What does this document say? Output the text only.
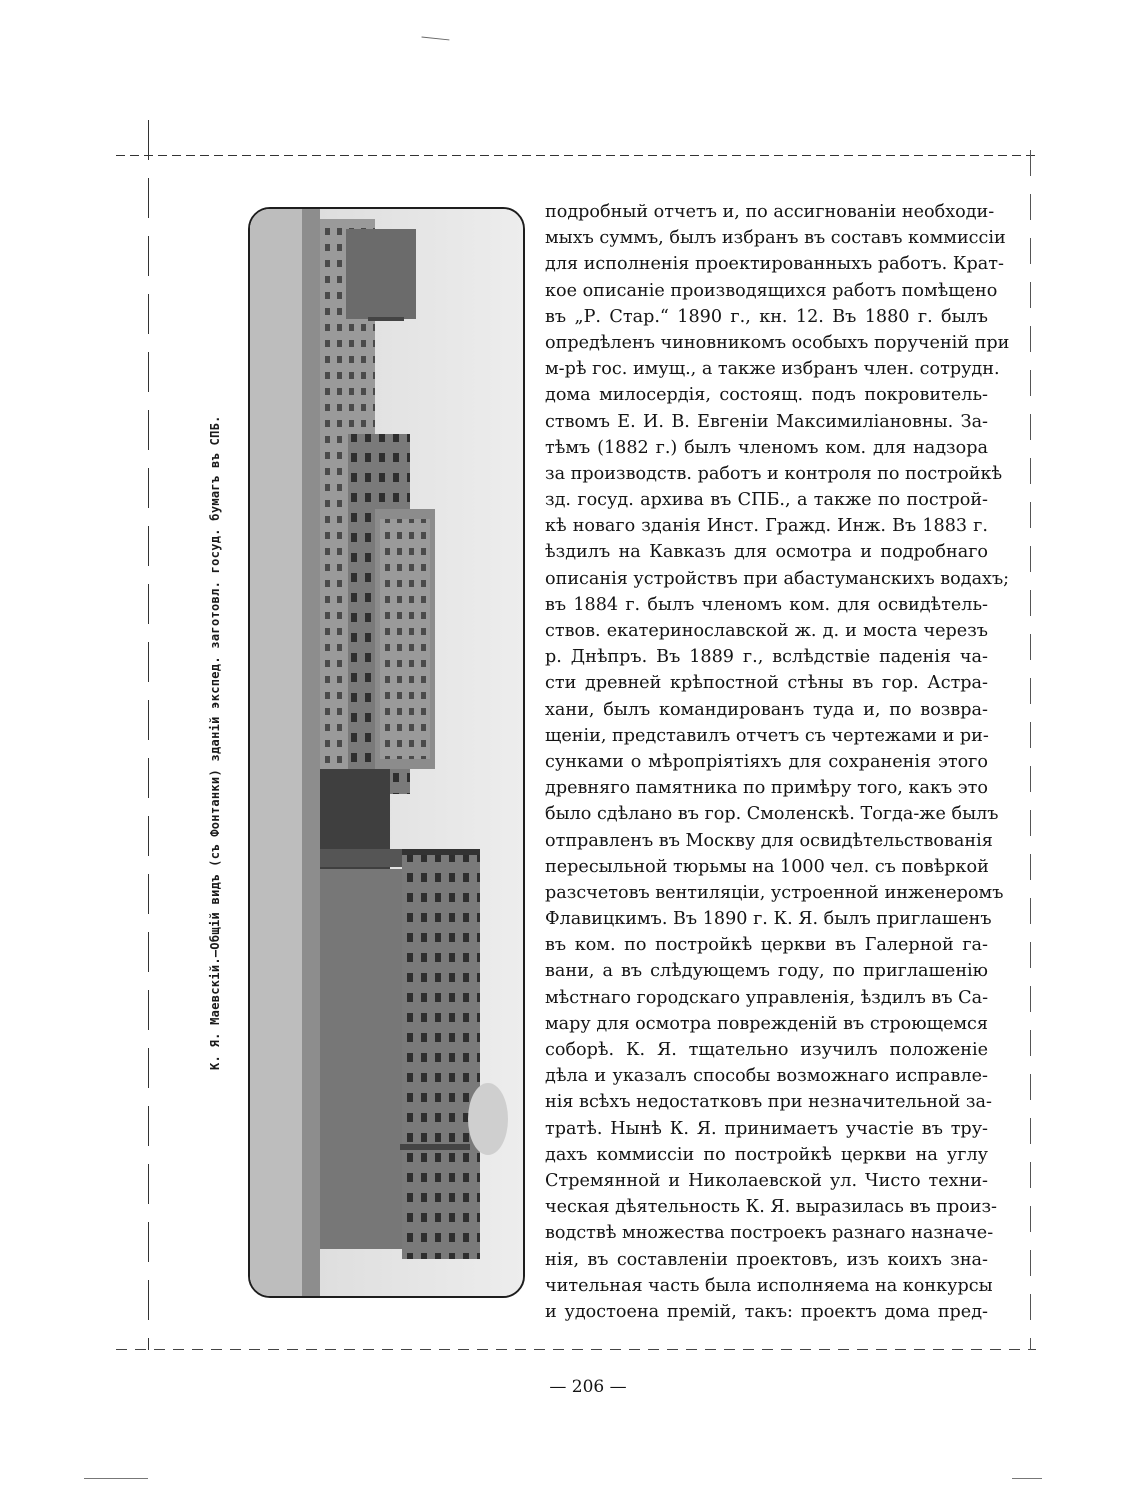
К. Я. Маевскій.—Общій видъ (съ Фонтанки) зданій экспед. заготовл. госуд. бумагъ въ СПБ.
подробный отчетъ и, по ассигнованіи необходи-
мыхъ суммъ, былъ избранъ въ составъ коммиссіи
для исполненія проектированныхъ работъ. Крат-
кое описаніе производящихся работъ помѣщено
въ „Р. Стар.“ 1890 г., кн. 12. Въ 1880 г. былъ
опредѣленъ чиновникомъ особыхъ порученій при
м-рѣ гос. имущ., а также избранъ член. сотрудн.
дома милосердія, состоящ. подъ покровитель-
ствомъ Е. И. В. Евгеніи Максимиліановны. За-
тѣмъ (1882 г.) былъ членомъ ком. для надзора
за производств. работъ и контроля по постройкѣ
зд. госуд. архива въ СПБ., а также по построй-
кѣ новаго зданія Инст. Гражд. Инж. Въ 1883 г.
ѣздилъ на Кавказъ для осмотра и подробнаго
описанія устройствъ при абастуманскихъ водахъ;
въ 1884 г. былъ членомъ ком. для освидѣтель-
ствов. екатеринославской ж. д. и моста черезъ
р. Днѣпръ. Въ 1889 г., вслѣдствіе паденія ча-
сти древней крѣпостной стѣны въ гор. Астра-
хани, былъ командированъ туда и, по возвра-
щеніи, представилъ отчетъ съ чертежами и ри-
сунками о мѣропріятіяхъ для сохраненія этого
древняго памятника по примѣру того, какъ это
было сдѣлано въ гор. Смоленскѣ. Тогда-же былъ
отправленъ въ Москву для освидѣтельствованія
пересыльной тюрьмы на 1000 чел. съ повѣркой
разсчетовъ вентиляціи, устроенной инженеромъ
Флавицкимъ. Въ 1890 г. К. Я. былъ приглашенъ
въ ком. по постройкѣ церкви въ Галерной га-
вани, а въ слѣдующемъ году, по приглашенію
мѣстнаго городскаго управленія, ѣздилъ въ Са-
мару для осмотра поврежденій въ строющемся
соборѣ. К. Я. тщательно изучилъ положеніе
дѣла и указалъ способы возможнаго исправле-
нія всѣхъ недостатковъ при незначительной за-
тратѣ. Нынѣ К. Я. принимаетъ участіе въ тру-
дахъ коммиссіи по постройкѣ церкви на углу
Стремянной и Николаевской ул. Чисто техни-
ческая дѣятельность К. Я. выразилась въ произ-
водствѣ множества построекъ разнаго назначе-
нія, въ составленіи проектовъ, изъ коихъ зна-
чительная часть была исполняема на конкурсы
и удостоена премій, такъ: проектъ дома пред-
— 206 —
